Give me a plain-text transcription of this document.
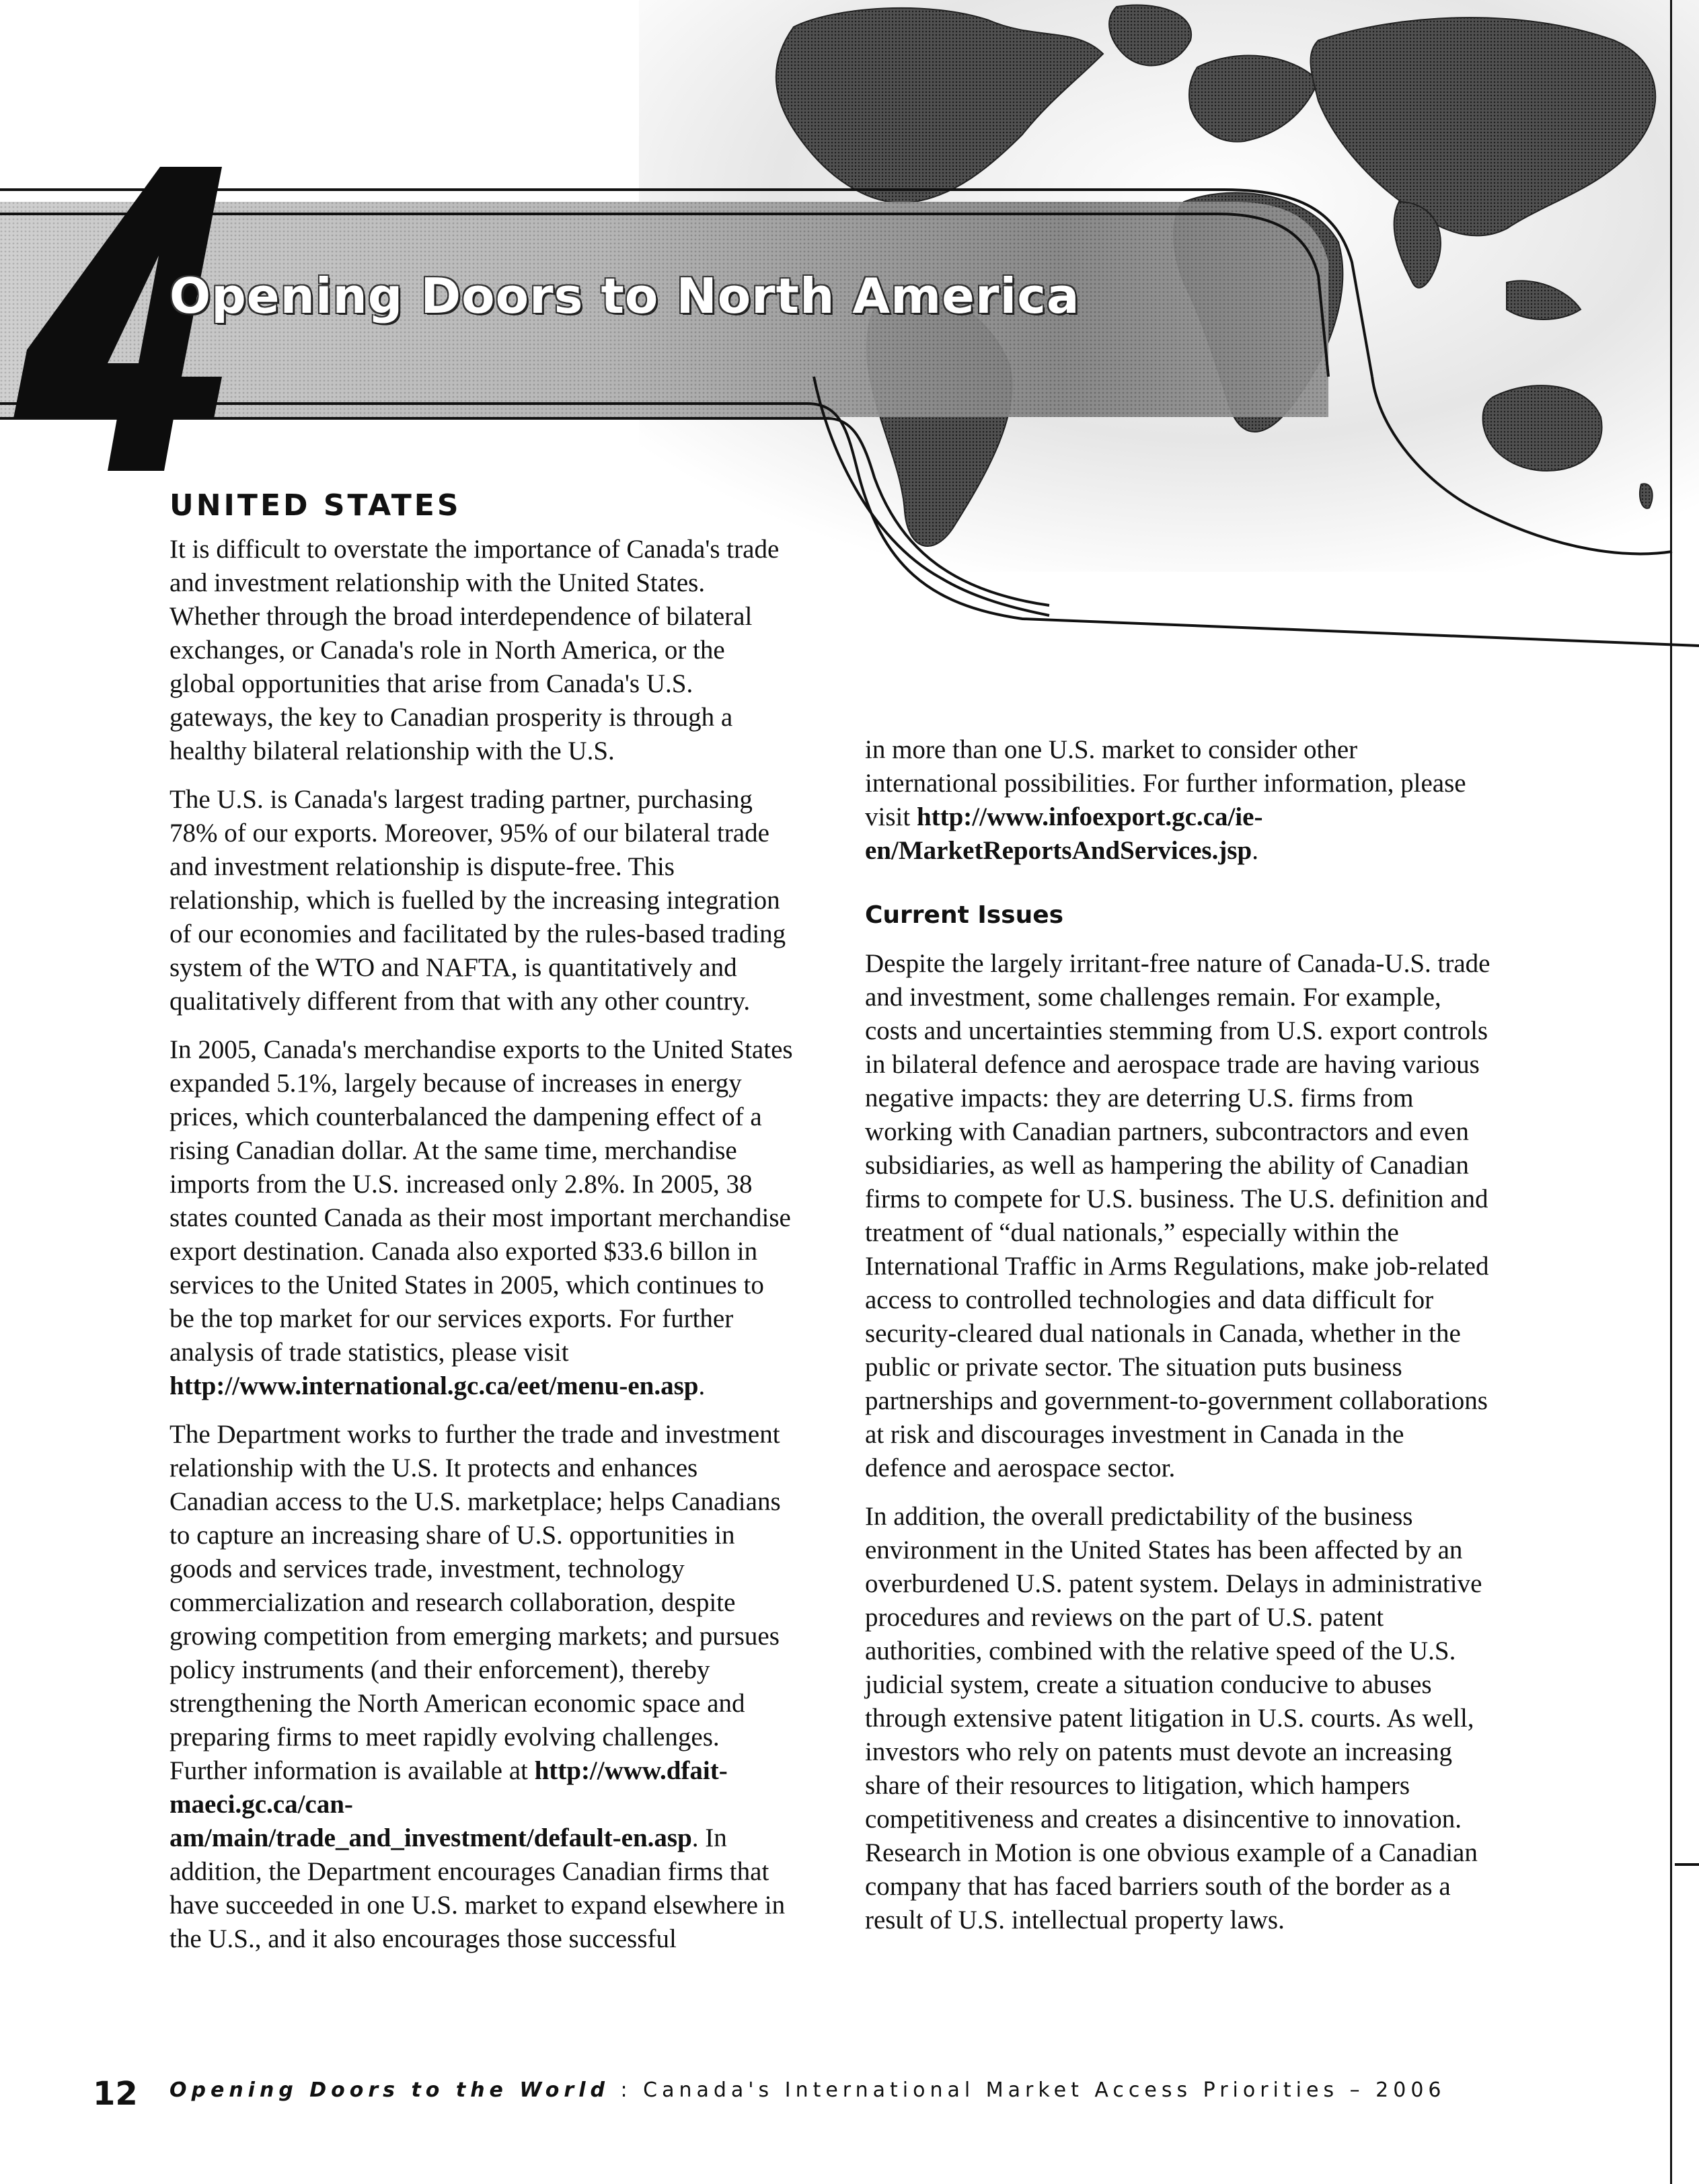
Opening Doors to North America
UNITED STATES

It is difficult to overstate the importance of Canada's trade and investment relationship with the United States. Whether through the broad interdependence of bilateral exchanges, or Canada's role in North America, or the global opportunities that arise from Canada's U.S. gateways, the key to Canadian prosperity is through a healthy bilateral relationship with the U.S.

The U.S. is Canada's largest trading partner, purchasing 78% of our exports. Moreover, 95% of our bilateral trade and investment relationship is dispute-free. This relationship, which is fuelled by the increasing integration of our economies and facilitated by the rules-based trading system of the WTO and NAFTA, is quantitatively and qualitatively different from that with any other country.

In 2005, Canada's merchandise exports to the United States expanded 5.1%, largely because of increases in energy prices, which counterbalanced the dampening effect of a rising Canadian dollar. At the same time, merchandise imports from the U.S. increased only 2.8%. In 2005, 38 states counted Canada as their most important merchandise export destination. Canada also exported $33.6 billon in services to the United States in 2005, which continues to be the top market for our services exports. For further analysis of trade statistics, please visit http://www.international.gc.ca/eet/menu-en.asp.

The Department works to further the trade and investment relationship with the U.S. It protects and enhances Canadian access to the U.S. marketplace; helps Canadians to capture an increasing share of U.S. opportunities in goods and services trade, investment, technology commercialization and research collaboration, despite growing competition from emerging markets; and pursues policy instruments (and their enforcement), thereby strengthening the North American economic space and preparing firms to meet rapidly evolving challenges. Further information is available at http://www.dfait-maeci.gc.ca/can-am/main/trade_and_investment/default-en.asp. In addition, the Department encourages Canadian firms that have succeeded in one U.S. market to expand elsewhere in the U.S., and it also encourages those successful

in more than one U.S. market to consider other international possibilities. For further information, please visit http://www.infoexport.gc.ca/ie-en/MarketReportsAndServices.jsp.

Current Issues

Despite the largely irritant-free nature of Canada-U.S. trade and investment, some challenges remain. For example, costs and uncertainties stemming from U.S. export controls in bilateral defence and aerospace trade are having various negative impacts: they are deterring U.S. firms from working with Canadian partners, subcontractors and even subsidiaries, as well as hampering the ability of Canadian firms to compete for U.S. business. The U.S. definition and treatment of “dual nationals,” especially within the International Traffic in Arms Regulations, make job-related access to controlled technologies and data difficult for security-cleared dual nationals in Canada, whether in the public or private sector. The situation puts business partnerships and government-to-government collaborations at risk and discourages investment in Canada in the defence and aerospace sector.

In addition, the overall predictability of the business environment in the United States has been affected by an overburdened U.S. patent system. Delays in administrative procedures and reviews on the part of U.S. patent authorities, combined with the relative speed of the U.S. judicial system, create a situation conducive to abuses through extensive patent litigation in U.S. courts. As well, investors who rely on patents must devote an increasing share of their resources to litigation, which hampers competitiveness and creates a disincentive to innovation. Research in Motion is one obvious example of a Canadian company that has faced barriers south of the border as a result of U.S. intellectual property laws.

12 Opening Doors to the World : Canada's International Market Access Priorities – 2006
